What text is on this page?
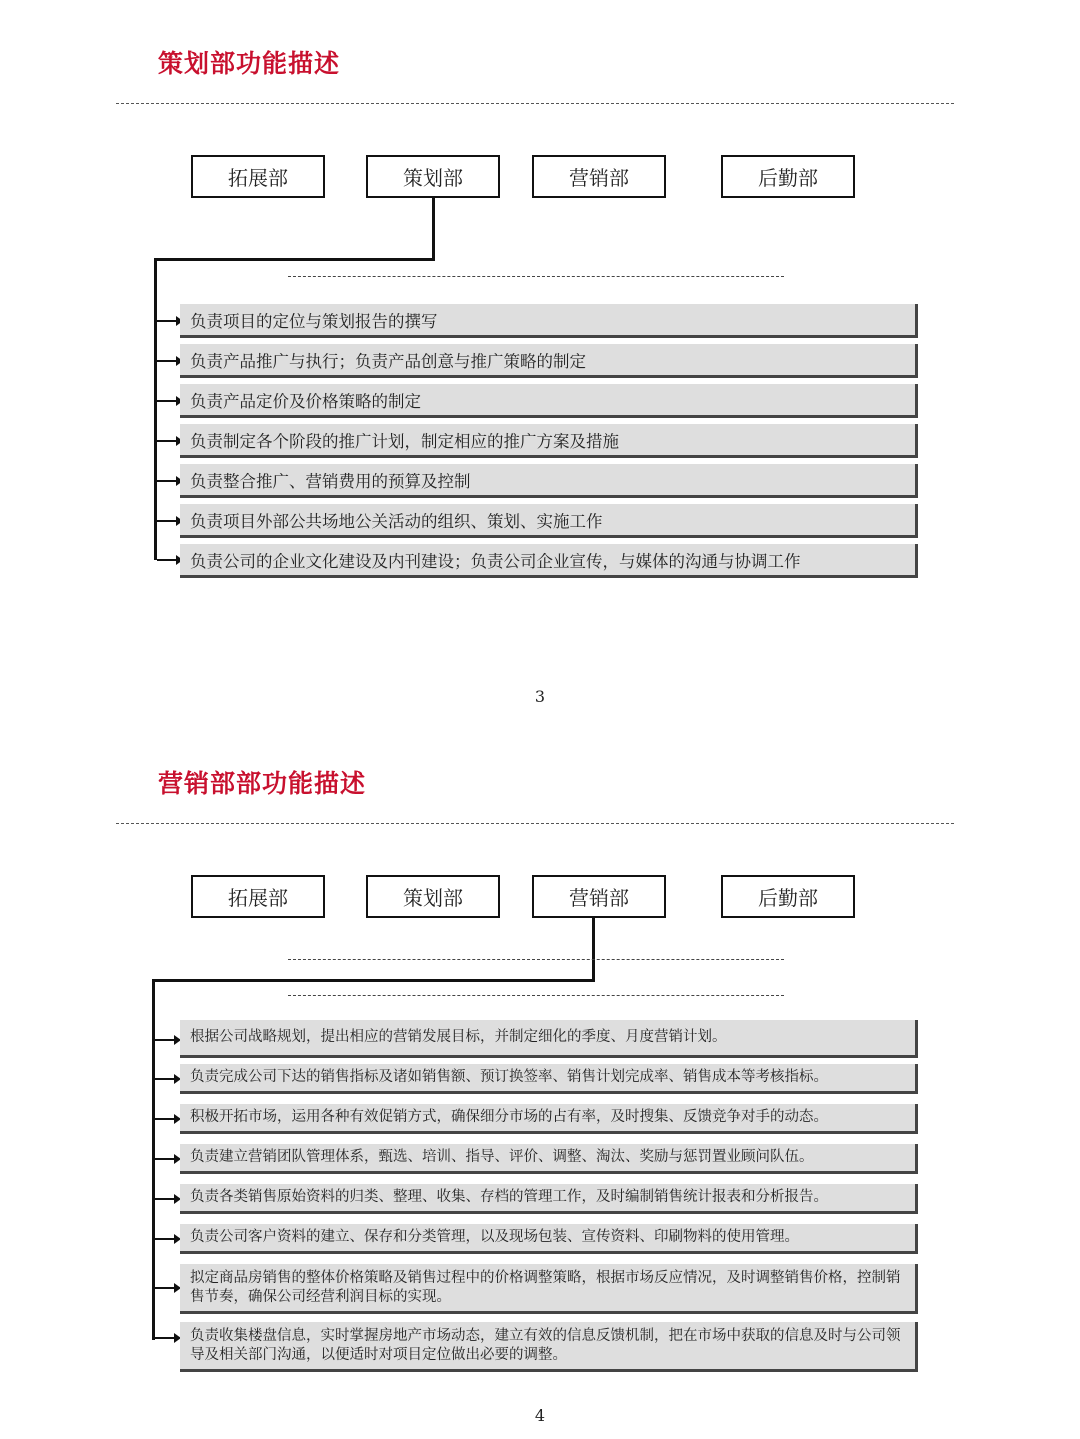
策划部功能描述
拓展部	策划部	营销部	后勤部
负责项目的定位与策划报告的撰写
负责产品推广与执行；负责产品创意与推广策略的制定
负责产品定价及价格策略的制定
负责制定各个阶段的推广计划，制定相应的推广方案及措施
负责整合推广、营销费用的预算及控制
负责项目外部公共场地公关活动的组织、策划、实施工作
负责公司的企业文化建设及内刊建设；负责公司企业宣传，与媒体的沟通与协调工作
3
营销部部功能描述
拓展部	策划部	营销部	后勤部
根据公司战略规划，提出相应的营销发展目标，并制定细化的季度、月度营销计划。
负责完成公司下达的销售指标及诸如销售额、预订换签率、销售计划完成率、销售成本等考核指标。
积极开拓市场，运用各种有效促销方式，确保细分市场的占有率，及时搜集、反馈竞争对手的动态。
负责建立营销团队管理体系，甄选、培训、指导、评价、调整、淘汰、奖励与惩罚置业顾问队伍。
负责各类销售原始资料的归类、整理、收集、存档的管理工作，及时编制销售统计报表和分析报告。
负责公司客户资料的建立、保存和分类管理，以及现场包装、宣传资料、印刷物料的使用管理。
拟定商品房销售的整体价格策略及销售过程中的价格调整策略，根据市场反应情况，及时调整销售价格，控制销售节奏，确保公司经营利润目标的实现。
负责收集楼盘信息，实时掌握房地产市场动态，建立有效的信息反馈机制，把在市场中获取的信息及时与公司领导及相关部门沟通，以便适时对项目定位做出必要的调整。
4
